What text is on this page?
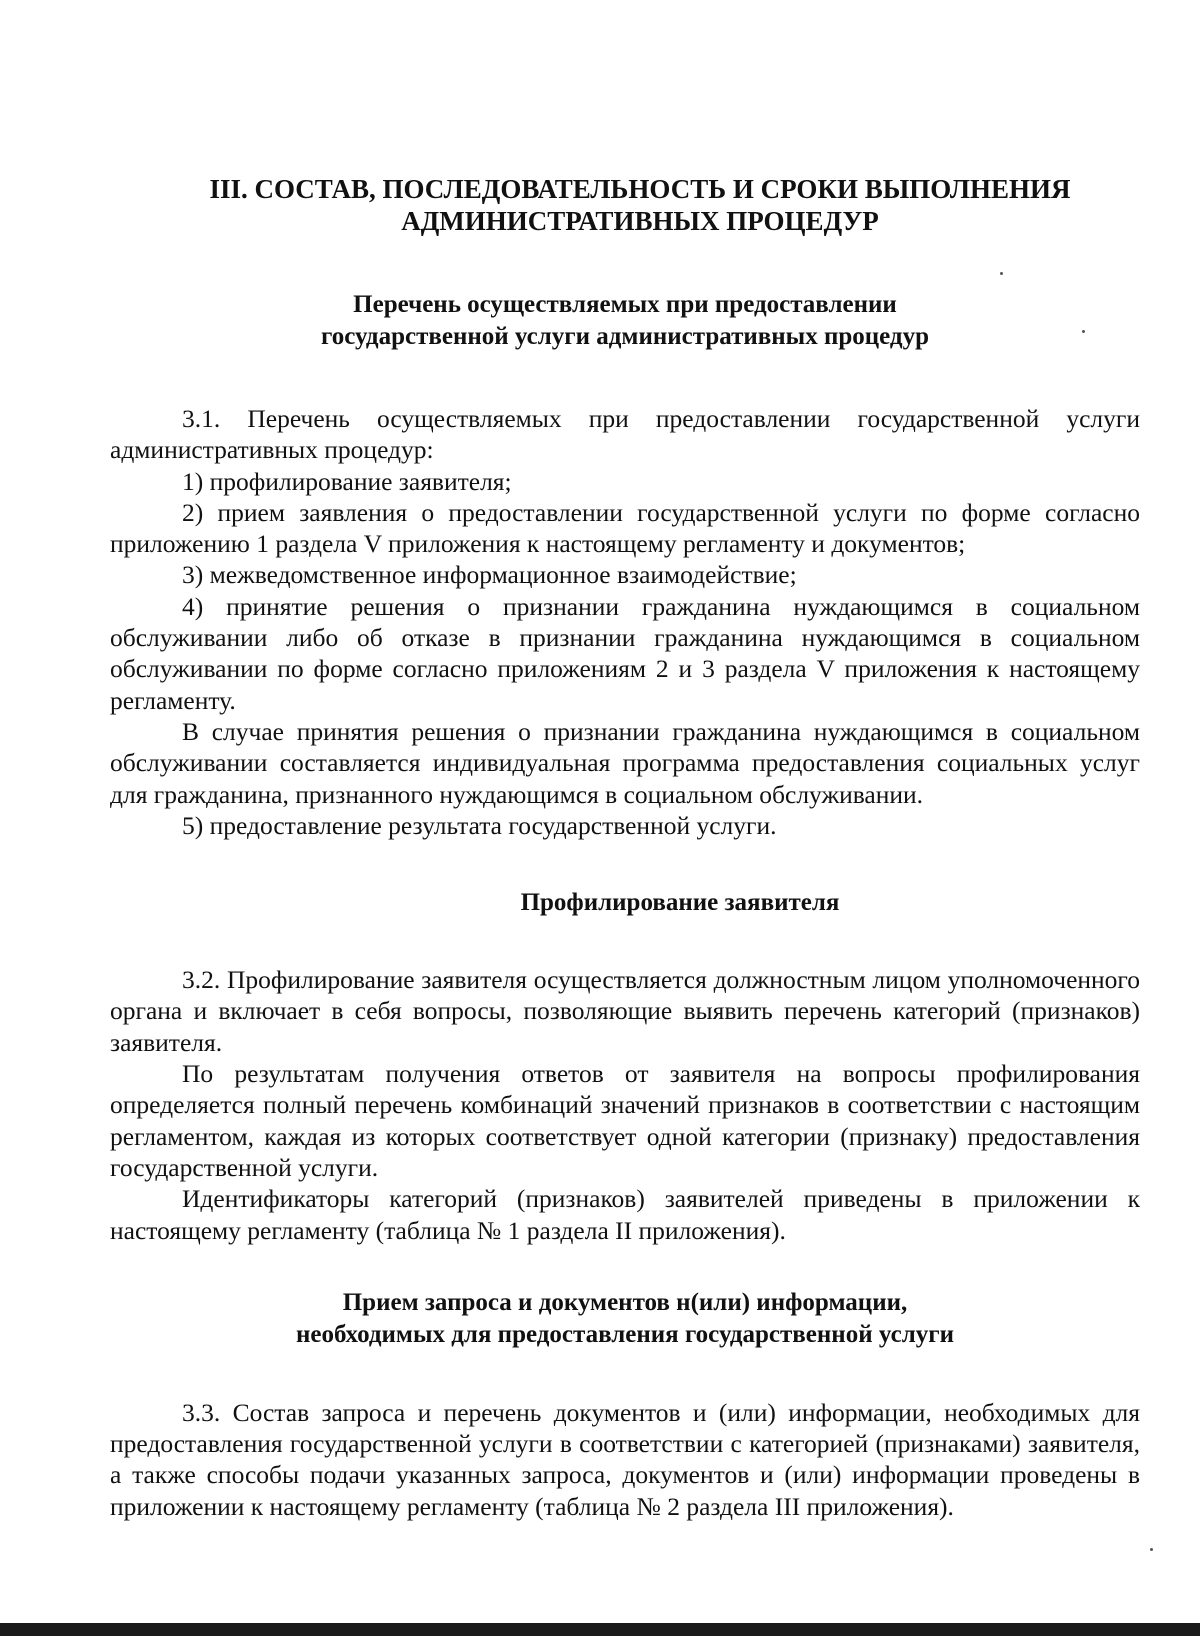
III. СОСТАВ, ПОСЛЕДОВАТЕЛЬНОСТЬ И СРОКИ ВЫПОЛНЕНИЯ
АДМИНИСТРАТИВНЫХ ПРОЦЕДУР
Перечень осуществляемых при предоставлении
государственной услуги административных процедур

3.1. Перечень осуществляемых при предоставлении государственной услуги административных процедур:

1) профилирование заявителя;

2) прием заявления о предоставлении государственной услуги по форме согласно приложению 1 раздела V приложения к настоящему регламенту и документов;

3) межведомственное информационное взаимодействие;

4) принятие решения о признании гражданина нуждающимся в социальном обслуживании либо об отказе в признании гражданина нуждающимся в социальном обслуживании по форме согласно приложениям 2 и 3 раздела V приложения к настоящему регламенту.

В случае принятия решения о признании гражданина нуждающимся в социальном обслуживании составляется индивидуальная программа предоставления социальных услуг для гражданина, признанного нуждающимся в социальном обслуживании.

5) предоставление результата государственной услуги.

Профилирование заявителя

3.2. Профилирование заявителя осуществляется должностным лицом уполномоченного органа и включает в себя вопросы, позволяющие выявить перечень категорий (признаков) заявителя.

По результатам получения ответов от заявителя на вопросы профилирования определяется полный перечень комбинаций значений признаков в соответствии с настоящим регламентом, каждая из которых соответствует одной категории (признаку) предоставления государственной услуги.

Идентификаторы категорий (признаков) заявителей приведены в приложении к настоящему регламенту (таблица № 1 раздела II приложения).

Прием запроса и документов н(или) информации,
необходимых для предоставления государственной услуги

3.3. Состав запроса и перечень документов и (или) информации, необходимых для предоставления государственной услуги в соответствии с категорией (признаками) заявителя, а также способы подачи указанных запроса, документов и (или) информации проведены в приложении к настоящему регламенту (таблица № 2 раздела III приложения).
